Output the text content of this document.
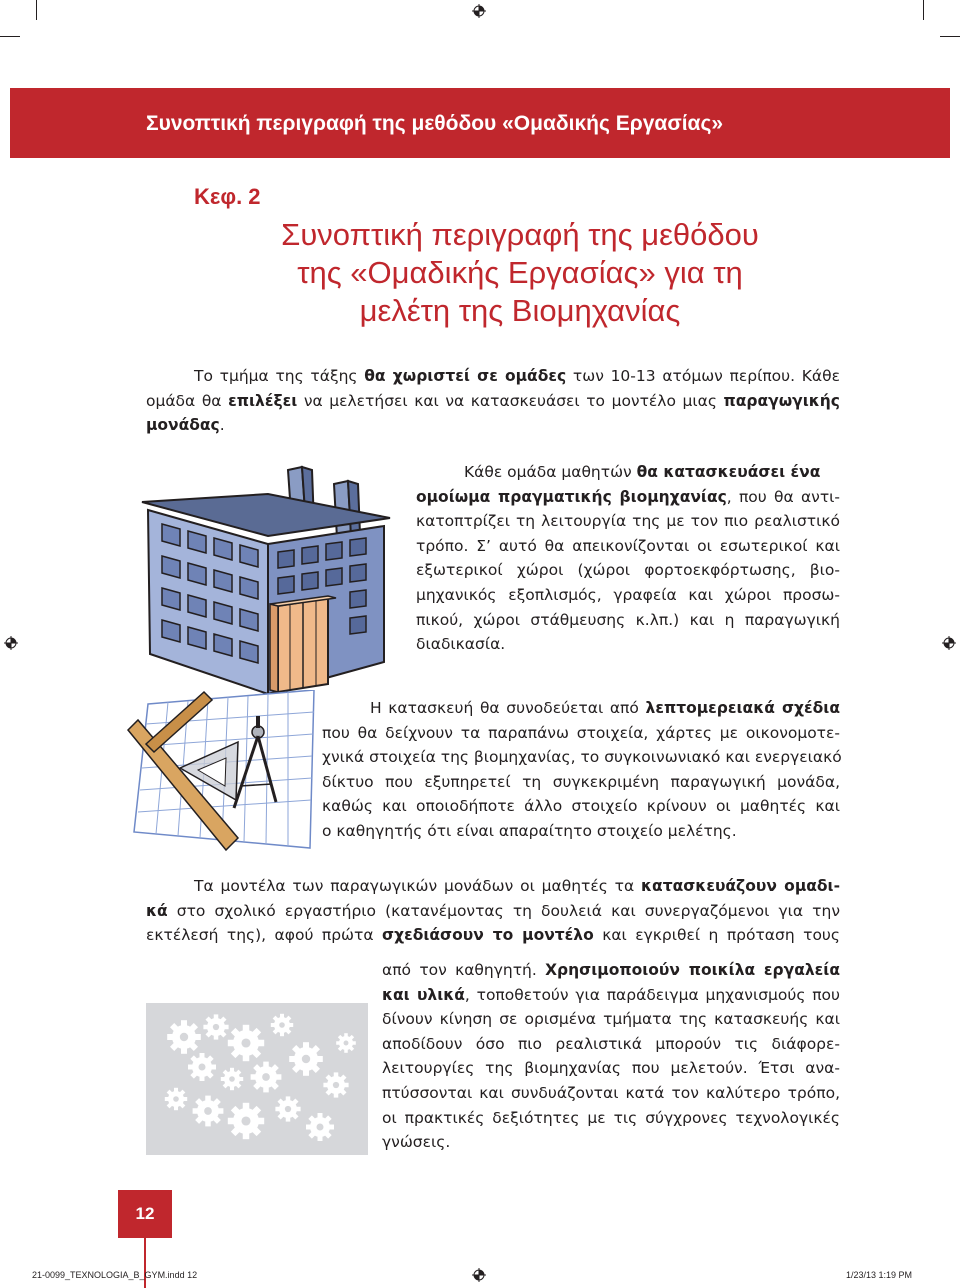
Συνοπτική περιγραφή της μεθόδου «Ομαδικής Εργασίας»
Κεφ. 2
Συνοπτική περιγραφή της μεθόδου
της «Ομαδικής Εργασίας» για τη
μελέτη της Βιομηχανίας
Το τμήμα της τάξης θα χωριστεί σε ομάδες των 10-13 ατόμων περίπου. Κάθε
ομάδα θα επιλέξει να μελετήσει και να κατασκευάσει το μοντέλο μιας παραγωγικής
μονάδας.
Κάθε ομάδα μαθητών θα κατασκευάσει ένα
ομοίωμα πραγματικής βιομηχανίας, που θα αντι-
κατοπτρίζει τη λειτουργία της με τον πιο ρεαλιστικό
τρόπο. Σ’ αυτό θα απεικονίζονται οι εσωτερικοί και
εξωτερικοί χώροι (χώροι φορτοεκφόρτωσης, βιο-
μηχανικός εξοπλισμός, γραφεία και χώροι προσω-
πικού, χώροι στάθμευσης κ.λπ.) και η παραγωγική
διαδικασία.
Η κατασκευή θα συνοδεύεται από λεπτομερειακά σχέδια
που θα δείχνουν τα παραπάνω στοιχεία, χάρτες με οικονομοτε-
χνικά στοιχεία της βιομηχανίας, το συγκοινωνιακό και ενεργειακό
δίκτυο που εξυπηρετεί τη συγκεκριμένη παραγωγική μονάδα,
καθώς και οποιοδήποτε άλλο στοιχείο κρίνουν οι μαθητές και
ο καθηγητής ότι είναι απαραίτητο στοιχείο μελέτης.
Τα μοντέλα των παραγωγικών μονάδων οι μαθητές τα κατασκευάζουν ομαδι-
κά στο σχολικό εργαστήριο (κατανέμοντας τη δουλειά και συνεργαζόμενοι για την
εκτέλεσή της), αφού πρώτα σχεδιάσουν το μοντέλο και εγκριθεί η πρόταση τους
από τον καθηγητή. Χρησιμοποιούν ποικίλα εργαλεία
και υλικά, τοποθετούν για παράδειγμα μηχανισμούς που
δίνουν κίνηση σε ορισμένα τμήματα της κατασκευής και
αποδίδουν όσο πιο ρεαλιστικά μπορούν τις διάφορε-
λειτουργίες της βιομηχανίας που μελετούν. Έτσι ανα-
πτύσσονται και συνδυάζονται κατά τον καλύτερο τρόπο,
οι πρακτικές δεξιότητες με τις σύγχρονες τεχνολογικές
γνώσεις.
12
21-0099_TEXNOLOGIA_B_GYM.indd 12	1/23/13 1:19 PM
